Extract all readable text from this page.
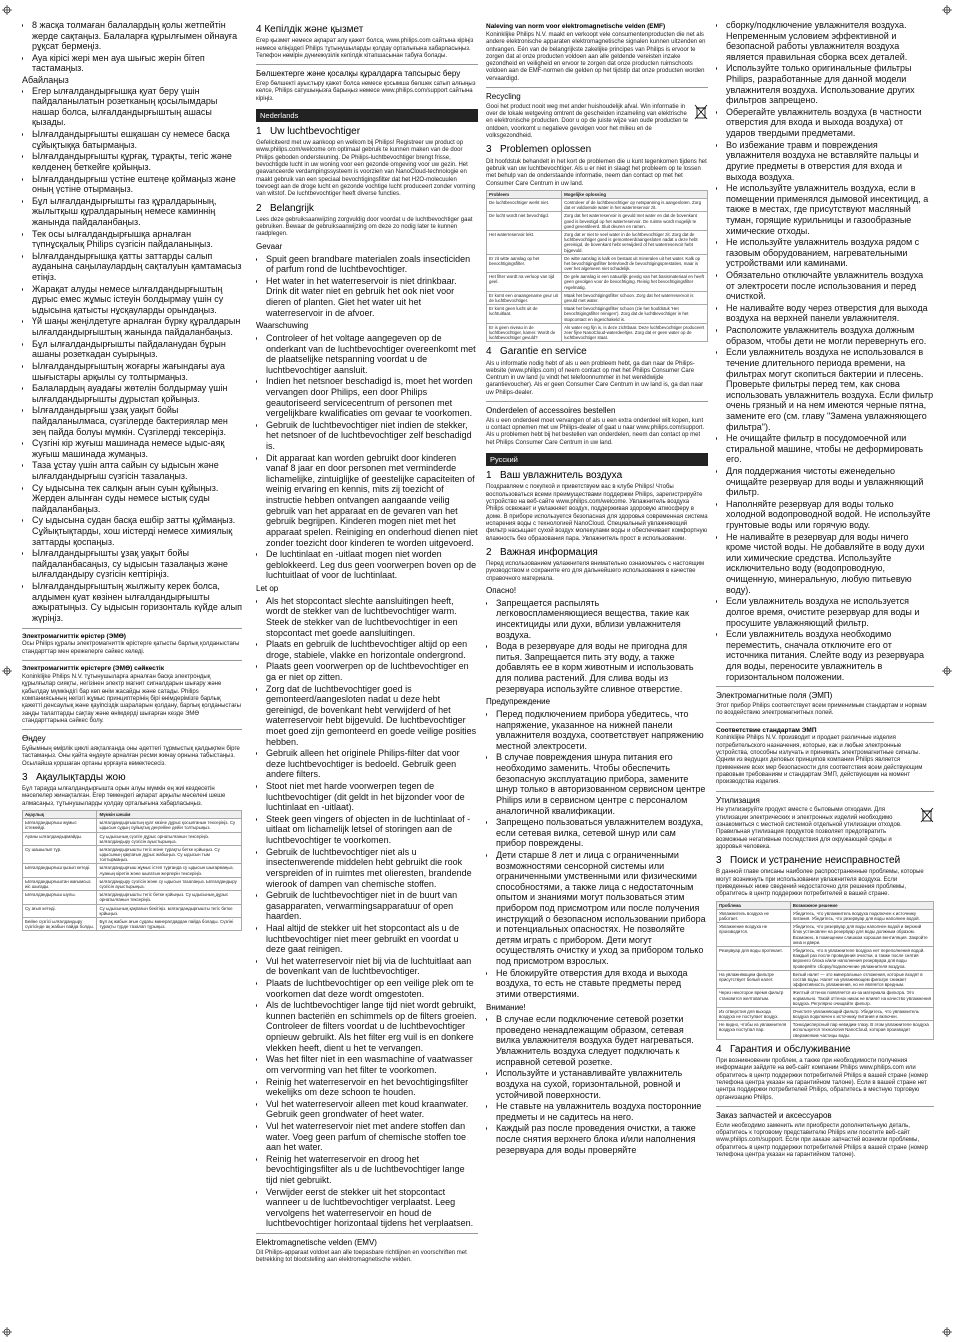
• 8 жасқа толмаған балалардың қолы жетпейтін жерде сақтаңыз. Балаларға құрылғымен ойнауға рұқсат бермеңіз.
• Ауа кірісі жері мен ауа шығыс жерін бітеп тастамаңыз.
Абайлаңыз
• Егер ылғалдандырғышқа қуат беру үшін пайдаланылатын розетканың қосылымдары нашар болса, ылғалдандырғыштың ашасы қызады.
• Ылғалдандырғышты ешқашан су немесе басқа сұйықтыққа батырмаңыз.
• Ылғалдандырғышты құрғақ, тұрақты, тегіс және көлденең беткейге қойыңыз.
• Ылғалдандырғыш үстіне ештеңе қоймаңыз және оның үстіне отырмаңыз.
• Бұл ылғалдандырғышты газ құралдарының, жылытқыш құралдарының немесе каминнің жанында пайдаланбаңыз.
• Тек осы ылғалдандырғышқа арналған түпнұсқалық Philips сүзгісін пайдаланыңыз.
• Ылғалдандырғышқа қатты заттарды салып ауданына саңылаулардың сақталуын қамтамасыз етіңіз.
• Жарақат алуды немесе ылғалдандырғыштың дұрыс емес жұмыс істеуін болдырмау үшін су ыдысына қатысты нұсқауларды орындаңыз.
• Үй шаңы жеңілдетуге арналған бүрку құралдарын ылғалдандырғыштың жанында пайдаланбаңыз.
• Бұл ылғалдандырғышты пайдаланудан бұрын ашаны розеткадан суырыңыз.
• Ылғалдандырғыштың жоғарғы жағындағы ауа шығыстары арқылы су толтырмаңыз.
• Балалардың ауадағы жөтелін болдырмау үшін ылғалдандырғышты дұрыстап қойыңыз.
• Ылғалдандырғыш ұзақ уақыт бойы пайдаланылмаса, сүзгілерде бактериялар мен зең пайда болуы мүмкін. Сүзгілерді тексеріңіз.
• Сүзгіні кір жуғыш машинада немесе ыдыс-аяқ жуғыш машинада жумаңыз.
• Таза ұстау үшін апта сайын су ыдысын және ылғалдандырғыш сүзгісін тазалаңыз.
• Су ыдысына тек салқын ағын суын құйыңыз. Жерден алынған суды немесе ыстық суды пайдаланбаңыз.
• Су ыдысына судан басқа ешбір затты құймаңыз. Сұйықтықтарды, хош иістерді немесе химиялық заттарды қоспаңыз.
• Ылғалдандырғышты ұзақ уақыт бойы пайдаланбасаңыз, су ыдысын тазалаңыз және ылғалдандыру сүзгісін кептіріңіз.
• Ылғалдандырғыштың жылжыту керек болса, алдымен қуат көзінен ылғалдандырғышты ажыратыңыз. Су ыдысын горизонталь күйде алып жүріңіз.
Электромагниттік өрістер (ЭМӨ)
Осы Philips құралы электромагниттік өрістерге қатысты барлық қолданыстағы стандарттар мен ережелерге сәйкес келеді.
Электромагниттік өрістерге (ЭМӨ) сәйкестік
Koninklijke Philips N.V. тұтынушыларға арналған басқа электрондық құрылғылар сияқты, негізінен электр магнит сигналдарын шығару және қабылдау мүмкіндігі бар көп өнім жасайды және сатады. Philips компаниясының негізгі жұмыс принциптерінің бірі өнімдерімізге барлық қажетті денсаулық және қауіпсіздік шараларын қолдану, барлық қолданыстағы заңды талаптарды сақтау және өнімдерді шығарған кезде ЭМӨ стандарттарына сәйкес болу.
Өңдеу
Бұйымның өмірлік циклі аяқталғанда оны әдеттегі тұрмыстық қалдықпен бірге тастамаңыз. Оны қайта өңдеуге арналған ресми жинау орнына табыстаңыз. Осылайша қоршаған ортаны қорғауға көмектесесіз.
3 Ақаулықтарды жою
Бұл тарауда ылғалдандырғышта орын алуы мүмкін ең жиі кездесетін мәселелер жинақталған. Егер төмендегі ақпарат арқылы мәселені шеше алмасаңыз, тұтынушыларды қолдау орталығына хабарласыңыз.
Ақаулық	Мүмкін шешім
Ылғалдандырғыш жұмыс істемейді.	Ылғалдандырғыштың қуат көзіне дұрыс қосылғанын тексеріңіз. Су ыдысын судың сұйықтық деңгейіне дейін толтырыңыз.
Ауаны ылғалдандырмайды.	Су ыдысының сүзгіге дұрыс орнатылғанын тексеріңіз. Ылғалдандыру сүзгісін ауыстырыңыз.
Су шашылып тұр.	Ылғалдандырғышты тегіс және тұрақты бетке қойыңыз. Су ыдысының қақпағын дұрыс жабыңыз. Су ыдысын тым толтырмаңыз.
Ылғалдандырғыш қызып кетеді.	Ылғалдандырғыш жұмыс істеп тұрғанда су ыдысын шығармаңыз. Ауаның кіретін және шығатын жерлерін тексеріңіз.
Ылғалдандырғыштан жағымсыз иіс шығады.	Ылғалдандыру сүзгісін және су ыдысын тазалаңыз. Ылғалдандыру сүзгісін ауыстырыңыз.
Ылғалдандырғыш шулы.	Ылғалдандырғышты тегіс бетке қойыңыз. Су ыдысының дұрыс орнатылғанын тексеріңіз.
Су ағып кетеді.	Су ыдысының қақпағын бекітіңіз. Ылғалдандырғышты тегіс бетке қойыңыз.
Бейне сүзгісі ылғалдандыру сүзгісінде ақ жабын пайда болды.	Бұл ақ жабын ағын судағы минералдардан пайда болады. Сүзгіні тұрақты түрде тазалап тұрыңыз.
4 Кепілдік және қызмет
Егер қызмет немесе ақпарат алу қажет болса, www.philips.com сайтына кіріңіз немесе еліңіздегі Philips тұтынушыларды қолдау орталығына хабарласыңыз. Телефон нөмірін дүниежүзілік кепілдік кітапшасынан табуға болады.
Бөлшектерге және қосалқы құралдарға тапсырыс беру
Егер бөлшекті ауыстыру қажет болса немесе қосымша бөлшек сатып алғыңыз келсе, Philips сатушыңызға барыңыз немесе www.philips.com/support сайтына кіріңіз.
Nederlands
1 Uw luchtbevochtiger
Gefeliciteerd met uw aankoop en welkom bij Philips! Registreer uw product op www.philips.com/welcome om optimaal gebruik te kunnen maken van de door Philips geboden ondersteuning. De Philips-luchtbevochtiger brengt frisse, bevochtigde lucht in uw woning voor een gezonde omgeving voor uw gezin. Het geavanceerde verdampingssysteem is voorzien van NanoCloud-technologie en maakt gebruik van een speciaal bevochtigingsfilter dat het H2O-molecuulen toevoegt aan de droge lucht en gezonde vochtige lucht produceert zonder vorming van witstof. De luchtbevochtiger heeft diverse functies.
2 Belangrijk
Lees deze gebruiksaanwijzing zorgvuldig door voordat u de luchtbevochtiger gaat gebruiken. Bewaar de gebruiksaanwijzing om deze zo nodig later te kunnen raadplegen.
Gevaar
• Spuit geen brandbare materialen zoals insecticiden of parfum rond de luchtbevochtiger.
• Het water in het waterreservoir is niet drinkbaar. Drink dit water niet en gebruik het ook niet voor dieren of planten. Giet het water uit het waterreservoir in de afvoer.
Waarschuwing
• Controleer of het voltage aangegeven op de onderkant van de luchtbevochtiger overeenkomt met de plaatselijke netspanning voordat u de luchtbevochtiger aansluit.
• Indien het netsnoer beschadigd is, moet het worden vervangen door Philips, een door Philips geautoriseerd servicecentrum of personen met vergelijkbare kwalificaties om gevaar te voorkomen.
• Gebruik de luchtbevochtiger niet indien de stekker, het netsnoer of de luchtbevochtiger zelf beschadigd is.
• Dit apparaat kan worden gebruikt door kinderen vanaf 8 jaar en door personen met verminderde lichamelijke, zintuiglijke of geestelijke capaciteiten of weinig ervaring en kennis, mits zij toezicht of instructie hebben ontvangen aangaande veilig gebruik van het apparaat en de gevaren van het gebruik begrijpen. Kinderen mogen niet met het apparaat spelen. Reiniging en onderhoud dienen niet zonder toezicht door kinderen te worden uitgevoerd.
• De luchtinlaat en -uitlaat mogen niet worden geblokkeerd. Leg dus geen voorwerpen boven op de luchtuitlaat of voor de luchtinlaat.
Let op
• Als het stopcontact slechte aansluitingen heeft, wordt de stekker van de luchtbevochtiger warm. Steek de stekker van de luchtbevochtiger in een stopcontact met goede aansluitingen.
• Plaats en gebruik de luchtbevochtiger altijd op een droge, stabiele, vlakke en horizontale ondergrond.
• Plaats geen voorwerpen op de luchtbevochtiger en ga er niet op zitten.
• Zorg dat de luchtbevochtiger goed is gemonteerd/aangesloten nadat u deze hebt gereinigd, de bovenkant hebt verwijderd of het waterreservoir hebt bijgevuld. De luchtbevochtiger moet goed zijn gemonteerd en goede veilige posities hebben.
• Gebruik alleen het originele Philips-filter dat voor deze luchtbevochtiger is bedoeld. Gebruik geen andere filters.
• Stoot niet met harde voorwerpen tegen de luchtbevochtiger (dit geldt in het bijzonder voor de luchtinlaat en -uitlaat).
• Steek geen vingers of objecten in de luchtinlaat of -uitlaat om lichamelijk letsel of storingen aan de luchtbevochtiger te voorkomen.
• Gebruik de luchtbevochtiger niet als u insectenwerende middelen hebt gebruikt die rook verspreiden of in ruimtes met olieresten, brandende wierook of dampen van chemische stoffen.
• Gebruik de luchtbevochtiger niet in de buurt van gasapparaten, verwarmingsapparatuur of open haarden.
• Haal altijd de stekker uit het stopcontact als u de luchtbevochtiger niet meer gebruikt en voordat u deze gaat reinigen.
• Vul het waterreservoir niet bij via de luchtuitlaat aan de bovenkant van de luchtbevochtiger.
• Plaats de luchtbevochtiger op een veilige plek om te voorkomen dat deze wordt omgestoten.
• Als de luchtbevochtiger lange tijd niet wordt gebruikt, kunnen bacteriën en schimmels op de filters groeien. Controleer de filters voordat u de luchtbevochtiger opnieuw gebruikt. Als het filter erg vuil is en donkere vlekken heeft, dient u het te vervangen.
• Was het filter niet in een wasmachine of vaatwasser om vervorming van het filter te voorkomen.
• Reinig het waterreservoir en het bevochtigingsfilter wekelijks om deze schoon te houden.
• Vul het waterreservoir alleen met koud kraanwater. Gebruik geen grondwater of heet water.
• Vul het waterreservoir niet met andere stoffen dan water. Voeg geen parfum of chemische stoffen toe aan het water.
• Reinig het waterreservoir en droog het bevochtigingsfilter als u de luchtbevochtiger lange tijd niet gebruikt.
• Verwijder eerst de stekker uit het stopcontact wanneer u de luchtbevochtiger verplaatst. Leeg vervolgens het waterreservoir en houd de luchtbevochtiger horizontaal tijdens het verplaatsen.
Elektromagnetische velden (EMV)
Dit Philips-apparaat voldoet aan alle toepasbare richtlijnen en voorschriften met betrekking tot blootstelling aan elektromagnetische velden.
Naleving van norm voor elektromagnetische velden (EMF)
Koninklijke Philips N.V. maakt en verkoopt vele consumentenproducten die net als andere elektronische apparaten elektromagnetische signalen kunnen uitzenden en ontvangen. Eén van de belangrijkste zakelijke principes van Philips is ervoor te zorgen dat al onze producten voldoen aan alle geldende vereisten inzake gezondheid en veiligheid en ervoor te zorgen dat onze producten ruimschoots voldoen aan de EMF-normen die gelden op het tijdstip dat onze producten worden vervaardigd.
Recycling

Gooi het product nooit weg met ander huishoudelijk afval. Win informatie in over de lokale wetgeving omtrent de gescheiden inzameling van elektrische en elektronische producten. Door u op de juiste wijze van oude producten te ontdoen, voorkomt u negatieve gevolgen voor het milieu en de volksgezondheid.

3 Problemen oplossen
Dit hoofdstuk behandelt in het kort de problemen die u kunt tegenkomen tijdens het gebruik van uw luchtbevochtiger. Als u er niet in slaagt het probleem op te lossen met behulp van de onderstaande informatie, neem dan contact op met het Consumer Care Centrum in uw land.
Probleem	Mogelijke oplossing
De luchtbevochtiger werkt niet.	Controleer of de luchtbevochtiger op netspanning is aangesloten. Zorg dat er voldoende water in het waterreservoir zit.
De lucht wordt niet bevochtigd.	Zorg dat het waterreservoir is gevuld met water en dat de bovenkant goed is bevestigd op het waterreservoir. De ruimte wordt mogelijk te goed geventileerd. Sluit deuren en ramen.
Het waterreservoir lekt.	Zorg dat er niet te veel water in de luchtbevochtiger zit. Zorg dat de luchtbevochtiger goed is gemonteerd/aangesloten nadat u deze hebt gereinigd, de bovenkant hebt verwijderd of het waterreservoir hebt bijgevuld.
Er zit witte aanslag op het bevochtigingsfilter.	De witte aanslag is kalk en bestaat uit mineralen uit het water. Kalk op het bevochtigingsfilter beïnvloedt de bevochtigingsprestaties, maar is over het algemeen niet schadelijk.
Het filter wordt na verloop van tijd geel.	De gele aanslag is een natuurlijk gevolg van het basismateriaal en heeft geen gevolgen voor de bevochtiging. Reinig het bevochtigingsfilter regelmatig.
Er komt een onaangename geur uit de luchtbevochtiger.	Maak het bevochtigingsfilter schoon. Zorg dat het waterreservoir is gevuld met water.
Er komt geen lucht uit de luchtuitlaat.	Maak het bevochtigingsfilter schoon (zie het hoofdstuk 'Het bevochtigingsfilter reinigen'). Zorg dat de luchtbevochtiger in het stopcontact en ingeschakeld is.
Er is geen niveau in de luchtbevochtiger, kamer. Wordt de luchtbevochtiger gevuld?	Als water erg fijn is, is deze zichtbaar. Deze luchtbevochtiger produceert zeer fijne NanoCloud-waterdeeltjes. Zorg dat er geen water op de luchtbevochtiger staat.
4 Garantie en service
Als u informatie nodig hebt of als u een probleem hebt, ga dan naar de Philips-website (www.philips.com) of neem contact op met het Philips Consumer Care Centrum in uw land (u vindt het telefoonnummer in het wereldwijde garantievoucher). Als er geen Consumer Care Centrum in uw land is, ga dan naar uw Philips-dealer.
Onderdelen of accessoires bestellen
Als u een onderdeel moet vervangen of als u een extra onderdeel wilt kopen, kunt u contact opnemen met uw Philips-dealer of gaat u naar www.philips.com/support. Als u problemen hebt bij het bestellen van onderdelen, neem dan contact op met het Philips Consumer Care Centrum in uw land.
Русский
1 Ваш увлажнитель воздуха
Поздравляем с покупкой и приветствуем вас в клубе Philips! Чтобы воспользоваться всеми преимуществами поддержки Philips, зарегистрируйте устройство на веб-сайте www.philips.com/welcome. Увлажнитель воздуха Philips освежает и увлажняет воздух, поддерживая здоровую атмосферу в доме. В приборе используется безопасная для здоровья современная система испарения воды с технологией NanoCloud. Специальный увлажняющий фильтр насыщает сухой воздух молекулами воды и обеспечивает комфортную влажность без образования пара. Увлажнитель прост в использовании.
2 Важная информация
Перед использованием увлажнителя внимательно ознакомьтесь с настоящим руководством и сохраните его для дальнейшего использования в качестве справочного материала.
Опасно!
• Запрещается распылять легковоспламеняющиеся вещества, такие как инсектициды или духи, вблизи увлажнителя воздуха.
• Вода в резервуаре для воды не пригодна для питья. Запрещается пить эту воду, а также добавлять ее в корм животным и использовать для полива растений. Для слива воды из резервуара используйте сливное отверстие.
Предупреждение
• Перед подключением прибора убедитесь, что напряжение, указанное на нижней панели увлажнителя воздуха, соответствует напряжению местной электросети.
• В случае повреждения шнура питания его необходимо заменить. Чтобы обеспечить безопасную эксплуатацию прибора, замените шнур только в авторизованном сервисном центре Philips или в сервисном центре с персоналом аналогичной квалификации.
• Запрещено пользоваться увлажнителем воздуха, если сетевая вилка, сетевой шнур или сам прибор повреждены.
• Дети старше 8 лет и лица с ограниченными возможностями сенсорной системы или ограниченными умственными или физическими способностями, а также лица с недостаточным опытом и знаниями могут пользоваться этим прибором под присмотром или после получения инструкций о безопасном использовании прибора и потенциальных опасностях. Не позволяйте детям играть с прибором. Дети могут осуществлять очистку и уход за прибором только под присмотром взрослых.
• Не блокируйте отверстия для входа и выхода воздуха, то есть не ставьте предметы перед этими отверстиями.
Внимание!
• В случае если подключение сетевой розетки проведено ненадлежащим образом, сетевая вилка увлажнителя воздуха будет нагреваться. Увлажнитель воздуха следует подключать к исправной сетевой розетке.
• Используйте и устанавливайте увлажнитель воздуха на сухой, горизонтальной, ровной и устойчивой поверхности.
• Не ставьте на увлажнитель воздуха посторонние предметы и не садитесь на него.
• Каждый раз после проведения очистки, а также после снятия верхнего блока и/или наполнения резервуара для воды проверяйте
• сборку/подключение увлажнителя воздуха. Непременным условием эффективной и безопасной работы увлажнителя воздуха является правильная сборка всех деталей.
• Используйте только оригинальные фильтры Philips, разработанные для данной модели увлажнителя воздуха. Использование других фильтров запрещено.
• Оберегайте увлажнитель воздуха (в частности отверстия для входа и выхода воздуха) от ударов твердыми предметами.
• Во избежание травм и повреждения увлажнителя воздуха не вставляйте пальцы и другие предметы в отверстия для входа и выхода воздуха.
• Не используйте увлажнитель воздуха, если в помещении применялся дымовой инсектицид, а также в местах, где присутствуют масляный туман, горящие курильницы и газообразные химические отходы.
• Не используйте увлажнитель воздуха рядом с газовым оборудованием, нагревательными устройствами или каминами.
• Обязательно отключайте увлажнитель воздуха от электросети после использования и перед очисткой.
• Не наливайте воду через отверстия для выхода воздуха на верхней панели увлажнителя.
• Расположите увлажнитель воздуха должным образом, чтобы дети не могли перевернуть его.
• Если увлажнитель воздуха не использовался в течение длительного периода времени, на фильтрах могут скопиться бактерии и плесень. Проверьте фильтры перед тем, как снова использовать увлажнитель воздуха. Если фильтр очень грязный и на нем имеются черные пятна, замените его (см. главу "Замена увлажняющего фильтра").
• Не очищайте фильтр в посудомоечной или стиральной машине, чтобы не деформировать его.
• Для поддержания чистоты еженедельно очищайте резервуар для воды и увлажняющий фильтр.
• Наполняйте резервуар для воды только холодной водопроводной водой. Не используйте грунтовые воды или горячую воду.
• Не наливайте в резервуар для воды ничего кроме чистой воды. Не добавляйте в воду духи или химические средства. Используйте исключительно воду (водопроводную, очищенную, минеральную, любую питьевую воду).
• Если увлажнитель воздуха не используется долгое время, очистите резервуар для воды и просушите увлажняющий фильтр.
• Если увлажнитель воздуха необходимо переместить, сначала отключите его от источника питания. Слейте воду из резервуара для воды, переносите увлажнитель в горизонтальном положении.
Электромагнитные поля (ЭМП)
Этот прибор Philips соответствует всем применимым стандартам и нормам по воздействию электромагнитных полей.
Соответствие стандартам ЭМП
Koninklijke Philips N.V. производит и продает различные изделия потребительского назначения, которые, как и любые электронные устройства, способны излучать и принимать электромагнитные сигналы. Одним из ведущих деловых принципов компании Philips является применение всех мер безопасности для соответствия всем действующим правовым требованиям и стандартам ЭМП, действующим на момент производства изделия.
Утилизация

Не утилизируйте продукт вместе с бытовыми отходами. Для утилизации электрических и электронных изделий необходимо ознакомиться с местной системой отдельной утилизации отходов. Правильная утилизация продуктов позволяет предотвратить возможные негативные последствия для окружающей среды и здоровья человека.

3 Поиск и устранение неисправностей
В данной главе описаны наиболее распространенные проблемы, которые могут возникнуть при использовании увлажнителя воздуха. Если приведенных ниже сведений недостаточно для решения проблемы, обратитесь в центр поддержки потребителей в вашей стране.
Проблема	Возможное решение
Увлажнитель воздуха не работает.	Убедитесь, что увлажнитель воздуха подключен к источнику питания. Убедитесь, что резервуар для воды наполнен водой.
Увлажнение воздуха не производится.	Убедитесь, что резервуар для воды наполнен водой и верхний блок установлен на резервуар для воды должным образом. Возможно, в помещении слишком хорошая вентиляция. Закройте окна и двери.
Резервуар для воды протекает.	Убедитесь, что в увлажнителе воздуха нет переполнения водой. Каждый раз после проведения очистки, а также после снятия верхнего блока и/или наполнения резервуара для воды проверяйте сборку/подключение увлажнителя воздуха.
На увлажняющем фильтре присутствует белый налет.	Белый налет — это минеральные отложения, которые входят в состав воды. Налет на увлажняющем фильтре снижает эффективность увлажнения, но не является вредным.
Через некоторое время фильтр становится желтоватым.	Желтый оттенок появляется из-за материала фильтра. Это нормально. Такой оттенок никак не влияет на качество увлажнения воздуха. Регулярно очищайте фильтр.
Из отверстия для выхода воздуха не поступает воздух.	Очистите увлажняющий фильтр. Убедитесь, что увлажнитель воздуха подключен к источнику питания и включен.
Не видно, чтобы из увлажнителя воздуха поступал пар.	Тонкодисперсный пар невидим глазу. В этом увлажнителе воздуха используется технология NanoCloud, которая производит сверхмелкие частицы воды.
4 Гарантия и обслуживание
При возникновении проблем, а также при необходимости получения информации зайдите на веб-сайт компании Philips www.philips.com или обратитесь в центр поддержки потребителей Philips в вашей стране (номер телефона центра указан на гарантийном талоне). Если в вашей стране нет центра поддержки потребителей Philips, обратитесь в местную торговую организацию Philips.
Заказ запчастей и аксессуаров
Если необходимо заменить или приобрести дополнительную деталь, обратитесь к торговому представителю Philips или посетите веб-сайт www.philips.com/support. Если при заказе запчастей возникли проблемы, обратитесь в центр поддержки потребителей Philips в вашей стране (номер телефона центра указан на гарантийном талоне).
